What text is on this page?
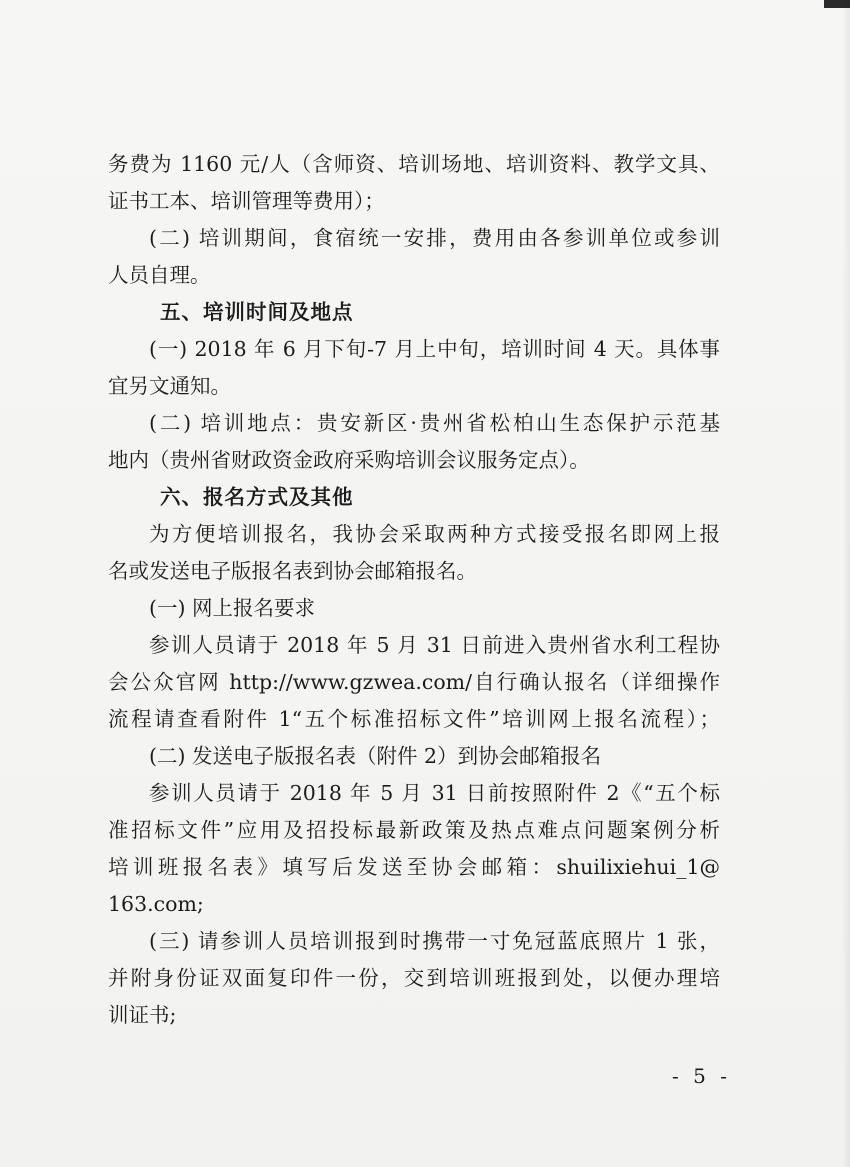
务费为 1160 元/人（含师资、培训场地、培训资料、教学文具、
证书工本、培训管理等费用）；
(二) 培训期间，食宿统一安排，费用由各参训单位或参训
人员自理。
五、培训时间及地点
(一) 2018 年 6 月下旬-7 月上中旬，培训时间 4 天。具体事
宜另文通知。
(二) 培训地点：贵安新区·贵州省松柏山生态保护示范基
地内（贵州省财政资金政府采购培训会议服务定点）。
六、报名方式及其他
为方便培训报名，我协会采取两种方式接受报名即网上报
名或发送电子版报名表到协会邮箱报名。
(一) 网上报名要求
参训人员请于 2018 年 5 月 31 日前进入贵州省水利工程协
会公众官网 http://www.gzwea.com/自行确认报名（详细操作
流程请查看附件 1“五个标准招标文件”培训网上报名流程）；
(二) 发送电子版报名表（附件 2）到协会邮箱报名
参训人员请于 2018 年 5 月 31 日前按照附件 2《“五个标
准招标文件”应用及招投标最新政策及热点难点问题案例分析
培训班报名表》填写后发送至协会邮箱：shuilixiehui_1@
163.com;
(三) 请参训人员培训报到时携带一寸免冠蓝底照片 1 张，
并附身份证双面复印件一份，交到培训班报到处，以便办理培
训证书;
- 5 -
